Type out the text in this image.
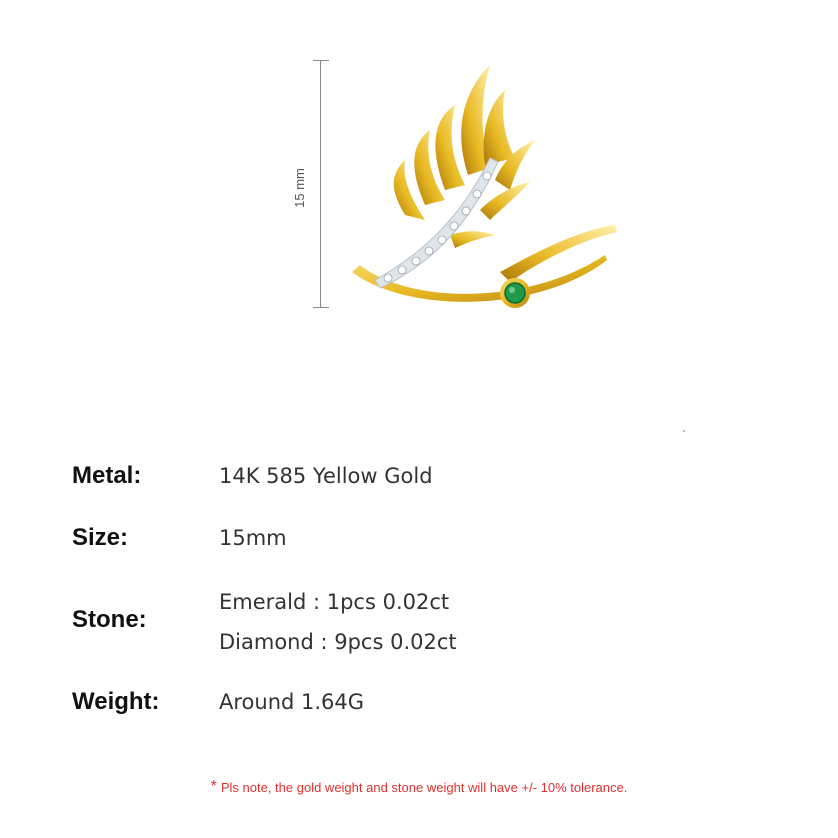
15 mm
Metal:	14K 585 Yellow Gold
Size:	15mm
Stone:
Emerald : 1pcs 0.02ct
Diamond : 9pcs 0.02ct
Weight:	Around 1.64G
* Pls note, the gold weight and stone weight will have +/- 10% tolerance.
